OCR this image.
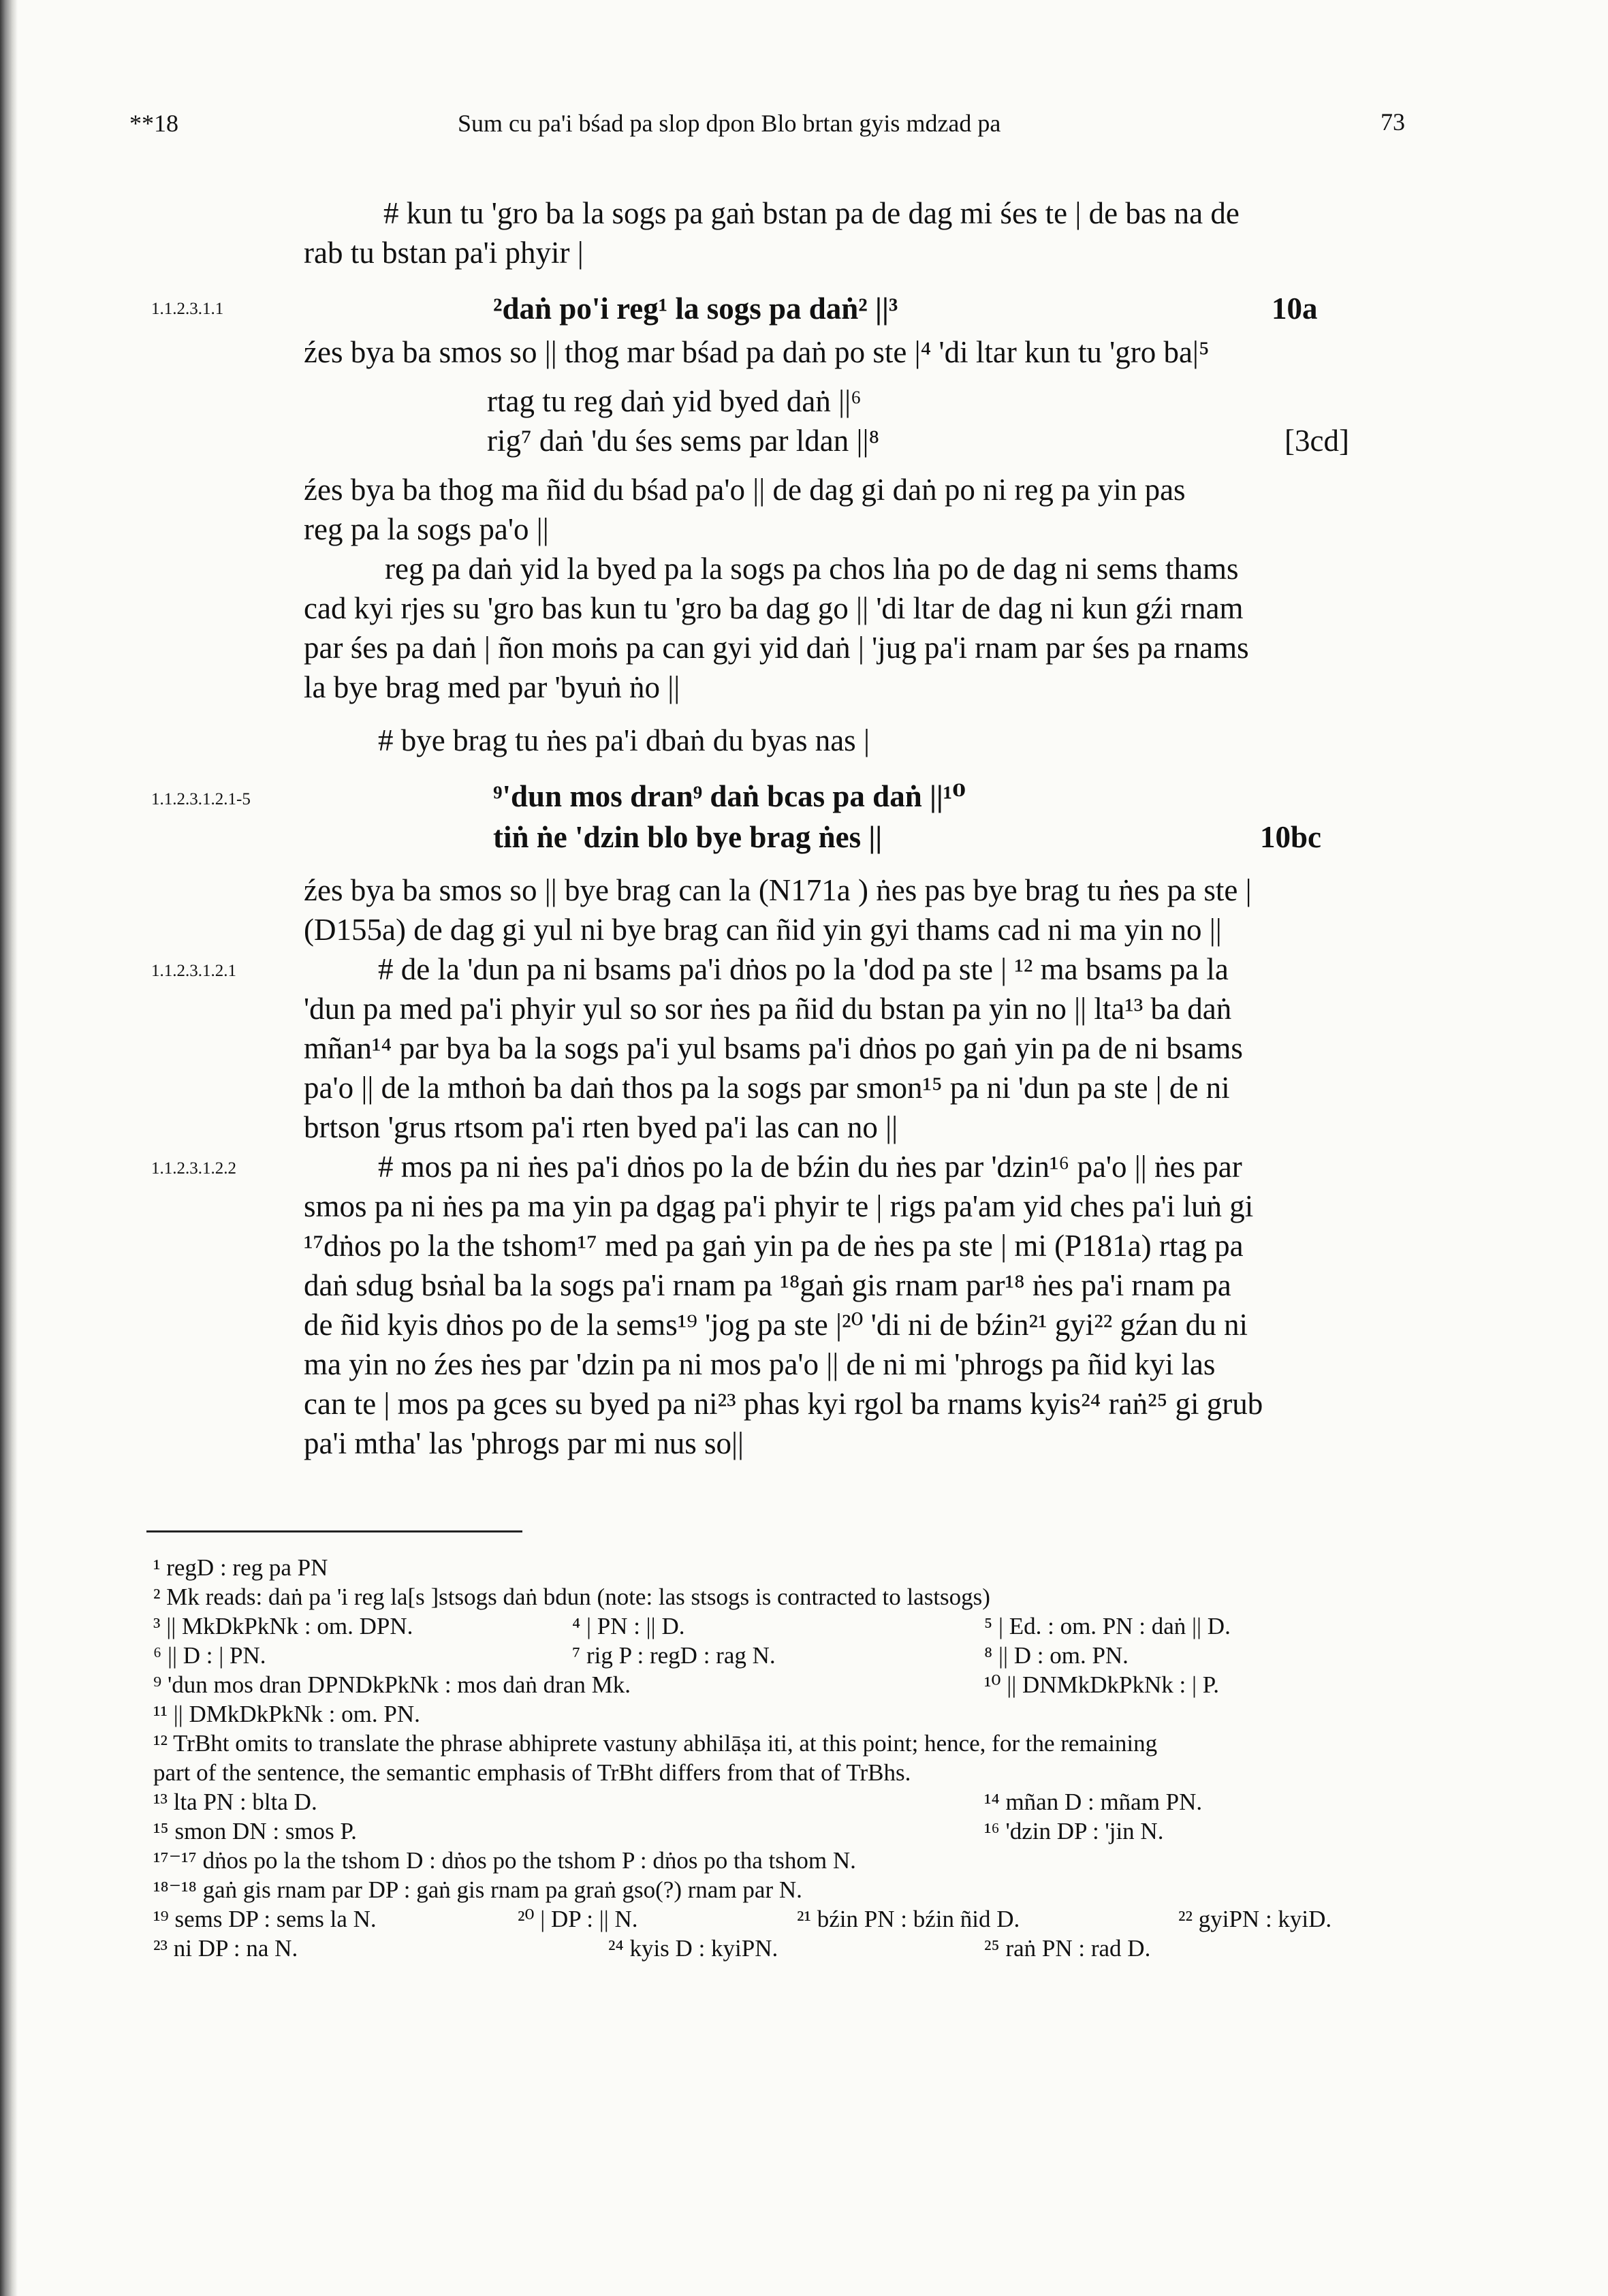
**18	Sum cu pa'i bśad pa slop dpon Blo brtan gyis mdzad pa	73
# kun tu 'gro ba la sogs pa gaṅ bstan pa de dag mi śes te | de bas na de
rab tu bstan pa'i phyir |
1.1.2.3.1.1	²daṅ po'i reg¹ la sogs pa daṅ² ||³	10a
źes bya ba smos so || thog mar bśad pa daṅ po ste |⁴ 'di ltar kun tu 'gro ba|⁵
rtag tu reg daṅ yid byed daṅ ||⁶
rig⁷ daṅ 'du śes sems par ldan ||⁸	[3cd]
źes bya ba thog ma ñid du bśad pa'o || de dag gi daṅ po ni reg pa yin pas
reg pa la sogs pa'o ||
reg pa daṅ yid la byed pa la sogs pa chos lṅa po de dag ni sems thams
cad kyi rjes su 'gro bas kun tu 'gro ba dag go || 'di ltar de dag ni kun gźi rnam
par śes pa daṅ | ñon moṅs pa can gyi yid daṅ | 'jug pa'i rnam par śes pa rnams
la bye brag med par 'byuṅ ṅo ||
# bye brag tu ṅes pa'i dbaṅ du byas nas |
1.1.2.3.1.2.1-5	⁹'dun mos dran⁹ daṅ bcas pa daṅ ||¹⁰
tiṅ ṅe 'dzin blo bye brag ṅes ||	10bc
źes bya ba smos so || bye brag can la (N171a ) ṅes pas bye brag tu ṅes pa ste |
(D155a) de dag gi yul ni bye brag can ñid yin gyi thams cad ni ma yin no ||
1.1.2.3.1.2.1	# de la 'dun pa ni bsams pa'i dṅos po la 'dod pa ste | ¹² ma bsams pa la
'dun pa med pa'i phyir yul so sor ṅes pa ñid du bstan pa yin no || lta¹³ ba daṅ
mñan¹⁴ par bya ba la sogs pa'i yul bsams pa'i dṅos po gaṅ yin pa de ni bsams
pa'o || de la mthoṅ ba daṅ thos pa la sogs par smon¹⁵ pa ni 'dun pa ste | de ni
brtson 'grus rtsom pa'i rten byed pa'i las can no ||
1.1.2.3.1.2.2	# mos pa ni ṅes pa'i dṅos po la de bźin du ṅes par 'dzin¹⁶ pa'o || ṅes par
smos pa ni ṅes pa ma yin pa dgag pa'i phyir te | rigs pa'am yid ches pa'i luṅ gi
¹⁷dṅos po la the tshom¹⁷ med pa gaṅ yin pa de ṅes pa ste | mi (P181a) rtag pa
daṅ sdug bsṅal ba la sogs pa'i rnam pa ¹⁸gaṅ gis rnam par¹⁸ ṅes pa'i rnam pa
de ñid kyis dṅos po de la sems¹⁹ 'jog pa ste |²⁰ 'di ni de bźin²¹ gyi²² gźan du ni
ma yin no źes ṅes par 'dzin pa ni mos pa'o || de ni mi 'phrogs pa ñid kyi las
can te | mos pa gces su byed pa ni²³ phas kyi rgol ba rnams kyis²⁴ raṅ²⁵ gi grub
pa'i mtha' las 'phrogs par mi nus so||
¹ regD : reg pa PN
² Mk reads: daṅ pa 'i reg la[s ]stsogs daṅ bdun (note: las stsogs is contracted to lastsogs)
³ || MkDkPkNk : om. DPN.	⁴ | PN : || D.	⁵ | Ed. : om. PN : daṅ || D.
⁶ || D : | PN.	⁷ rig P : regD : rag N.	⁸ || D : om. PN.
⁹ 'dun mos dran DPNDkPkNk : mos daṅ dran Mk.	¹⁰ || DNMkDkPkNk : | P.
¹¹ || DMkDkPkNk : om. PN.
¹² TrBht omits to translate the phrase abhiprete vastuny abhilāṣa iti, at this point; hence, for the remaining
part of the sentence, the semantic emphasis of TrBht differs from that of TrBhs.
¹³ lta PN : blta D.	¹⁴ mñan D : mñam PN.
¹⁵ smon DN : smos P.	¹⁶ 'dzin DP : 'jin N.
¹⁷⁻¹⁷ dṅos po la the tshom D : dṅos po the tshom P : dṅos po tha tshom N.
¹⁸⁻¹⁸ gaṅ gis rnam par DP : gaṅ gis rnam pa graṅ gso(?) rnam par N.
¹⁹ sems DP : sems la N.	²⁰ | DP : || N.	²¹ bźin PN : bźin ñid D.	²² gyiPN : kyiD.
²³ ni DP : na N.	²⁴ kyis D : kyiPN.	²⁵ raṅ PN : rad D.
